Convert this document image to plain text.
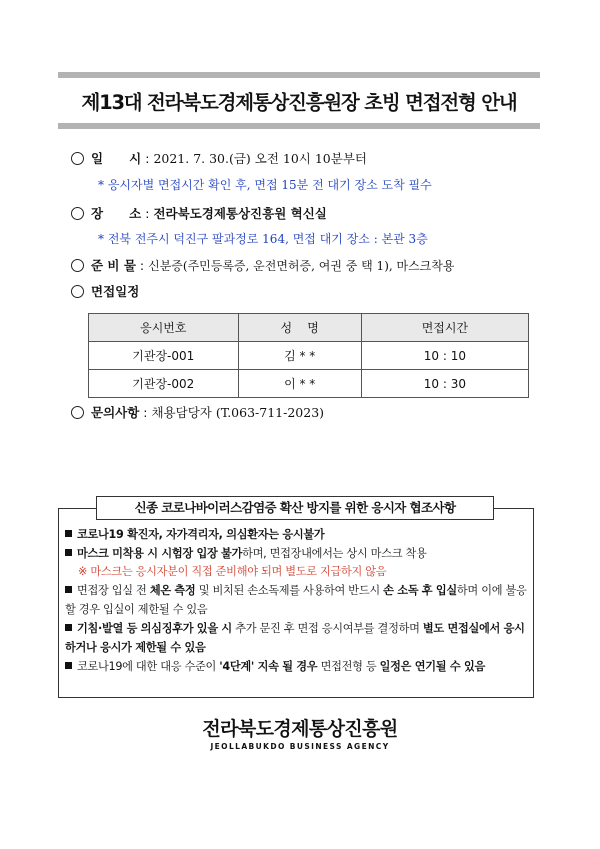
제13대 전라북도경제통상진흥원장 초빙 면접전형 안내
일      시 : 2021. 7. 30.(금) 오전 10시 10분부터
* 응시자별 면접시간 확인 후, 면접 15분 전 대기 장소 도착 필수
장      소 : 전라북도경제통상진흥원 혁신실
* 전북 전주시 덕진구 팔과정로 164, 면접 대기 장소 : 본관 3층
준 비 물 : 신분증(주민등록증, 운전면허증, 여권 중 택 1), 마스크착용
면접일정
문의사항 : 채용담당자 (T.063-711-2023)
응시번호	성    명	면접시간
기관장-001	김 * *	10 : 10
기관장-002	이 * *	10 : 30
신종 코로나바이러스감염증 확산 방지를 위한 응시자 협조사항
코로나19 확진자, 자가격리자, 의심환자는 응시불가
마스크 미착용 시 시험장 입장 불가하며, 면접장내에서는 상시 마스크 착용
※ 마스크는 응시자분이 직접 준비해야 되며 별도로 지급하지 않음
면접장 입실 전 체온 측정 및 비치된 손소독제를 사용하여 반드시 손 소독 후 입실하며 이에 불응할 경우 입실이 제한될 수 있음
기침·발열 등 의심징후가 있을 시 추가 문진 후 면접 응시여부를 결정하며 별도 면접실에서 응시하거나 응시가 제한될 수 있음
코로나19에 대한 대응 수준이 '4단계' 지속 될 경우 면접전형 등 일정은 연기될 수 있음
전라북도경제통상진흥원
JEOLLABUKDO BUSINESS AGENCY
